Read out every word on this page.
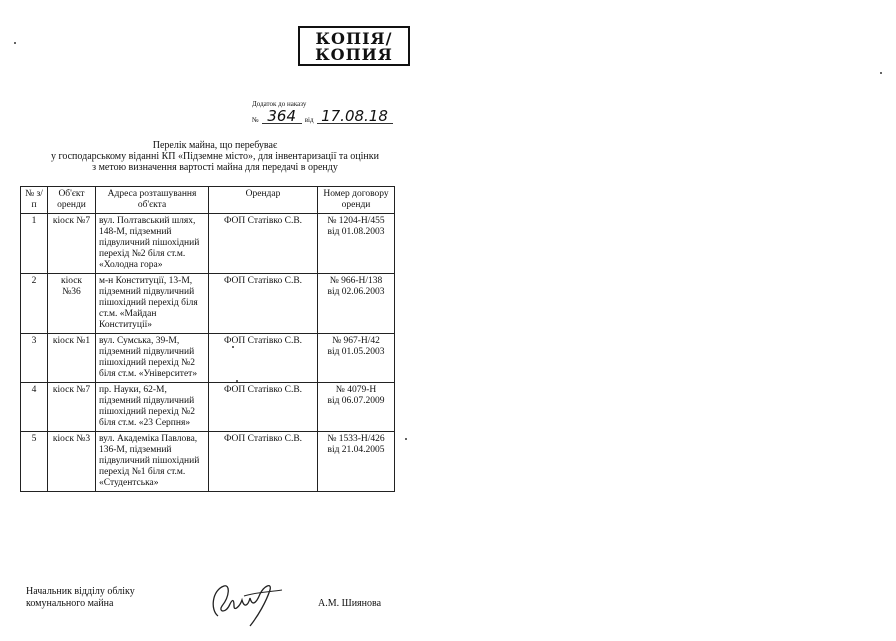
КОПІЯ/
КОПИЯ
Додаток до наказу
№ 364	від 17.08.18
Перелік майна, що перебуває
у господарському віданні КП «Підземне місто», для інвентаризації та оцінки
з метою визначення вартості майна для передачі в оренду
№ з/п	Об'єкт оренди	Адреса розташування об'єкта	Орендар	Номер договору оренди
1	кіоск №7	вул. Полтавський шлях, 148-М, підземний підвуличний пішохідний перехід №2 біля ст.м. «Холодна гора»	ФОП Статівко С.В.	№ 1204-Н/455
від 01.08.2003

2	кіоск №36	м-н Конституції, 13-М, підземний підвуличний пішохідний перехід біля ст.м. «Майдан Конституції»	ФОП Статівко С.В.	№ 966-Н/138
від 02.06.2003

3	кіоск №1	вул. Сумська, 39-М, підземний підвуличний пішохідний перехід №2 біля ст.м. «Університет»	ФОП Статівко С.В.	№ 967-Н/42
від 01.05.2003

4	кіоск №7	пр. Науки, 62-М, підземний підвуличний пішохідний перехід №2 біля ст.м. «23 Серпня»	ФОП Статівко С.В.	№ 4079-Н
від 06.07.2009

5	кіоск №3	вул. Академіка Павлова, 136-М, підземний підвуличний пішохідний перехід №1 біля ст.м. «Студентська»	ФОП Статівко С.В.	№ 1533-Н/426
від 21.04.2005
Начальник відділу обліку
комунального майна	А.М. Шиянова
